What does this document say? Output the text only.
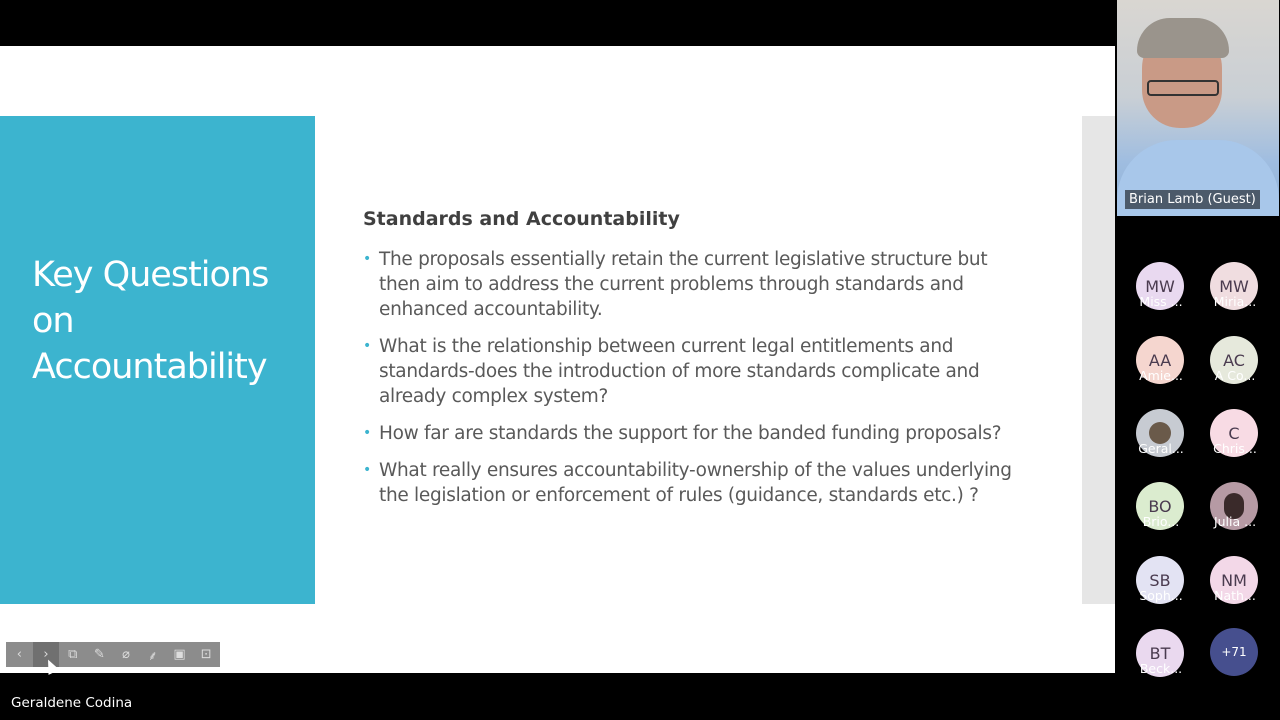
Key Questions
on
Accountability
Standards and Accountability
• The proposals essentially retain the current legislative structure but then aim to address the current problems through standards and enhanced accountability.
• What is the relationship between current legal entitlements and standards-does the introduction of more standards complicate and already complex system?
• How far are standards the support for the banded funding proposals?
• What really ensures accountability-ownership of the values underlying the legislation or enforcement of rules (guidance, standards etc.) ?
‹ › ⧉ ✎ ⌀ ⸙ ▣ ⊡
Geraldene Codina
Brian Lamb (Guest)
MW
Miss ...
MW
Miria...
AA
Amie...
AC
A Co...
Geral...
C
Chris...
BO
Brio...	Julia ...
SB
Soph...
NM
Nath...
BT
Beck...
+71
